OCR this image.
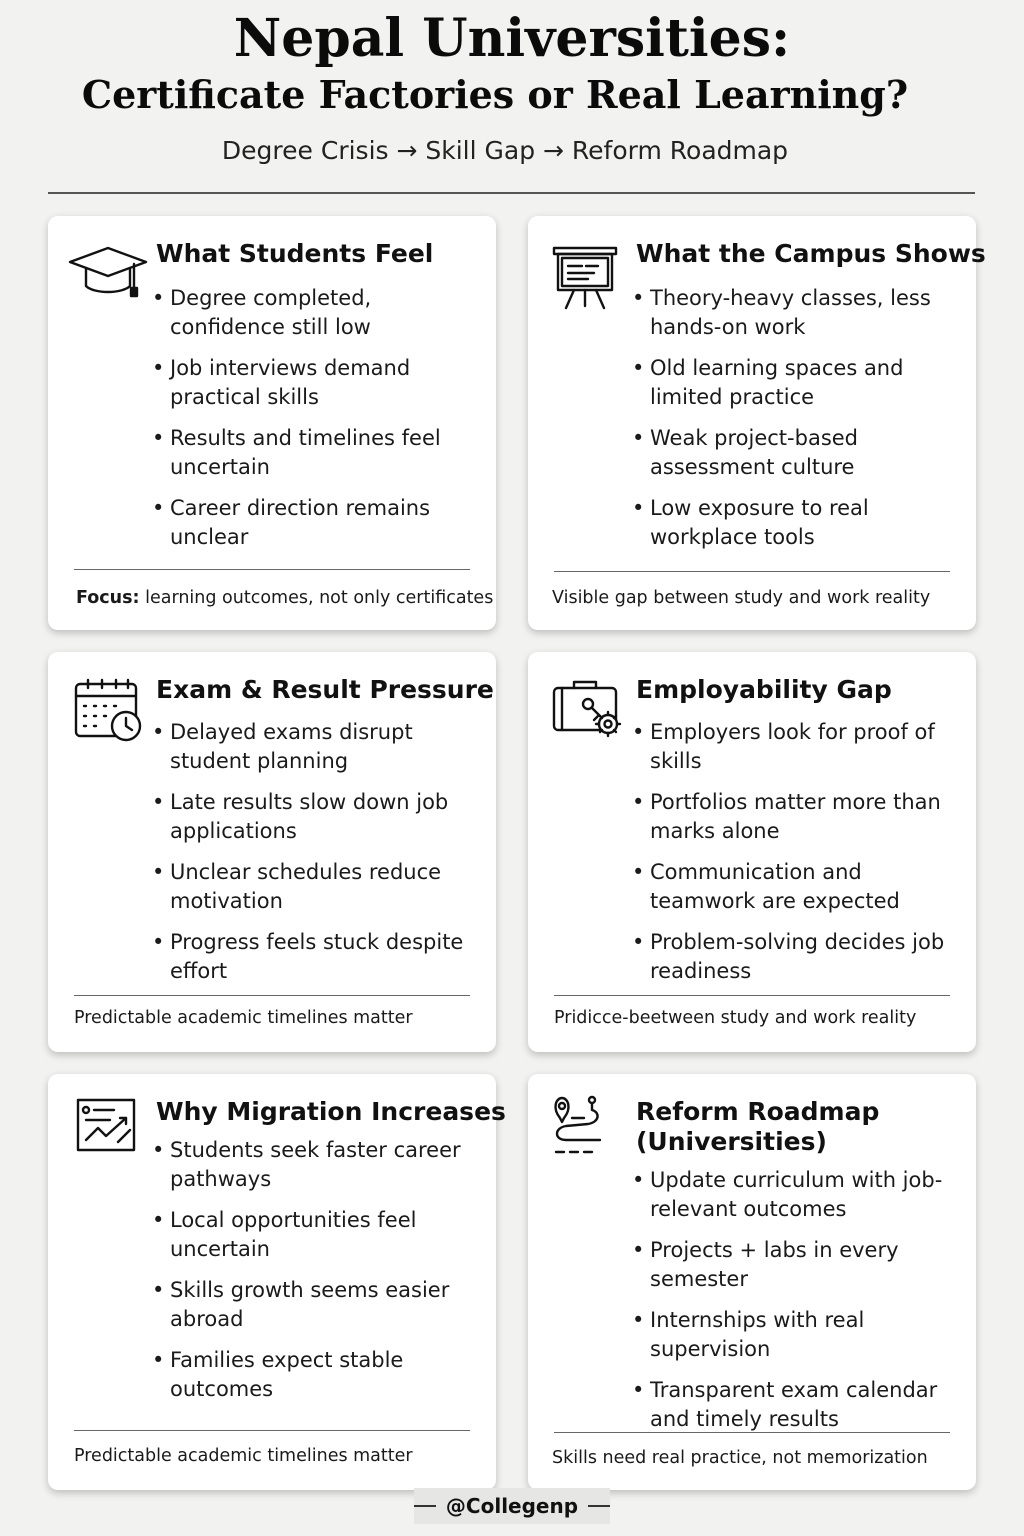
Nepal Universities:
Certificate Factories or Real Learning?
Degree Crisis → Skill Gap → Reform Roadmap
What Students Feel
• Degree completed, confidence still low
• Job interviews demand practical skills
• Results and timelines feel uncertain
• Career direction remains unclear
Focus: learning outcomes, not only certificates
What the Campus Shows
• Theory-heavy classes, less hands-on work
• Old learning spaces and limited practice
• Weak project-based assessment culture
• Low exposure to real workplace tools
Visible gap between study and work reality
Exam & Result Pressure
• Delayed exams disrupt student planning
• Late results slow down job applications
• Unclear schedules reduce motivation
• Progress feels stuck despite effort
Predictable academic timelines matter
Employability Gap
• Employers look for proof of skills
• Portfolios matter more than marks alone
• Communication and teamwork are expected
• Problem-solving decides job readiness
Pridicce-beetween study and work reality
Why Migration Increases
• Students seek faster career pathways
• Local opportunities feel uncertain
• Skills growth seems easier abroad
• Families expect stable outcomes
Predictable academic timelines matter
Reform Roadmap
(Universities)
• Update curriculum with job-relevant outcomes
• Projects + labs in every semester
• Internships with real supervision
• Transparent exam calendar and timely results
Skills need real practice, not memorization
@Collegenp
